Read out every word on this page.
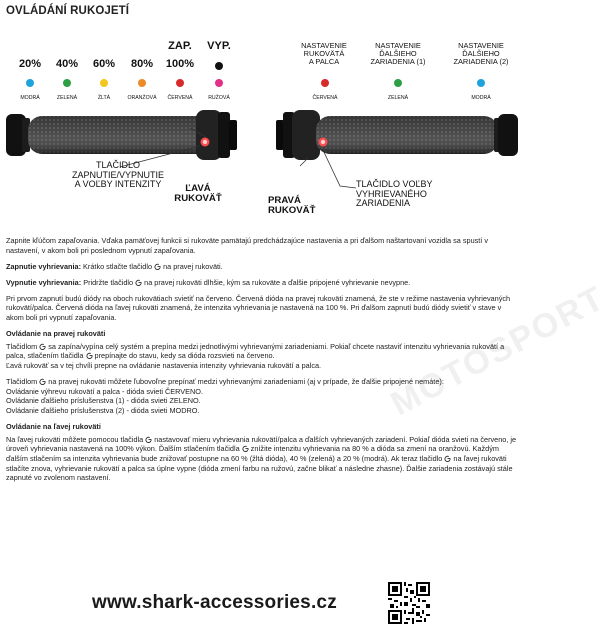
OVLÁDÁNÍ RUKOJETÍ
ZAP.	VYP.
20%	40%	60%	80%	100%
MODRÁ	ZELENÁ	ŽLTÁ	ORANŽOVÁ	ČERVENÁ	RUŽOVÁ
TLAČIDLO
ZAPNUTIE/VYPNUTIE
A VOĽBY INTENZITY	ĽAVÁ
RUKOVÄŤ
NASTAVENIE
RUKOVÄTÁ
A PALCA
NASTAVENIE
ĎALŠIEHO
ZARIADENIA (1)
NASTAVENIE
ĎALŠIEHO
ZARIADENIA (2)
ČERVENÁ	ZELENÁ	MODRÁ
PRAVÁ
RUKOVÄŤ
TLAČIDLO VOĽBY
VYHRIEVANÉHO
ZARIADENIA
MOTOSPORT

Zapnite kľúčom zapaľovania. Vďaka pamäťovej funkcii si rukoväte pamätajú predchádzajúce nastavenia a pri ďalšom naštartovaní vozidla sa spustí v nastavení, v akom boli pri poslednom vypnutí zapaľovania.

Zapnutie vyhrievania: Krátko stlačte tlačidlo  na pravej rukoväti.

Vypnutie vyhrievania: Pridržte tlačidlo  na pravej rukoväti dlhšie, kým sa rukoväte a ďalšie pripojené vyhrievanie nevypne.

Pri prvom zapnutí budú diódy na oboch rukovätiach svietiť na červeno. Červená dióda na pravej rukoväti znamená, že ste v režime nastavenia vyhrievaných rukovätí/palca. Červená dióda na ľavej rukoväti znamená, že intenzita vyhrievania je nastavená na 100 %. Pri ďalšom zapnutí budú diódy svietiť v stave v akom boli pri vypnutí zapaľovania.

Ovládanie na pravej rukoväti

Tlačidlom  sa zapína/vypína celý systém a prepína medzi jednotlivými vyhrievanými zariadeniami. Pokiaľ chcete nastaviť intenzitu vyhrievania rukovätí a palca, stlačením tlačidla  prepínajte do stavu, kedy sa dióda rozsvieti na červeno.
Ľavá rukoväť sa v tej chvíli prepne na ovládanie nastavenia intenzity vyhrievania rukovätí a palca.

Tlačidlom  na pravej rukoväti môžete ľubovoľne prepínať medzi vyhrievanými zariadeniami (aj v prípade, že ďalšie pripojené nemáte):

Ovládanie výhrevu rukovätí a palca - dióda svieti ČERVENO.

Ovládanie ďalšieho príslušenstva (1) - dióda svieti ZELENO.

Ovládanie ďalšieho príslušenstva (2) - dióda svieti MODRO.

Ovládanie na ľavej rukoväti

Na ľavej rukoväti môžete pomocou tlačidla  nastavovať mieru vyhrievania rukovätí/palca a ďalších vyhrievaných zariadení. Pokiaľ dióda svieti na červeno, je úroveň vyhrievania nastavená na 100% výkon. Ďalším stlačením tlačidla  znížite intenzitu vyhrievania na 80 % a dióda sa zmení na oranžovú. Každým ďalším stlačením sa intenzita vyhrievania bude znižovať postupne na 60 % (žltá dióda), 40 % (zelená) a 20 % (modrá). Ak teraz tlačidlo  na ľavej rukoväti stlačíte znova, vyhrievanie rukovätí a palca sa úplne vypne (dióda zmení farbu na ružovú, začne blikať a následne zhasne). Ďalšie zariadenia zostávajú stále zapnuté vo zvolenom nastavení.

www.shark-accessories.cz
